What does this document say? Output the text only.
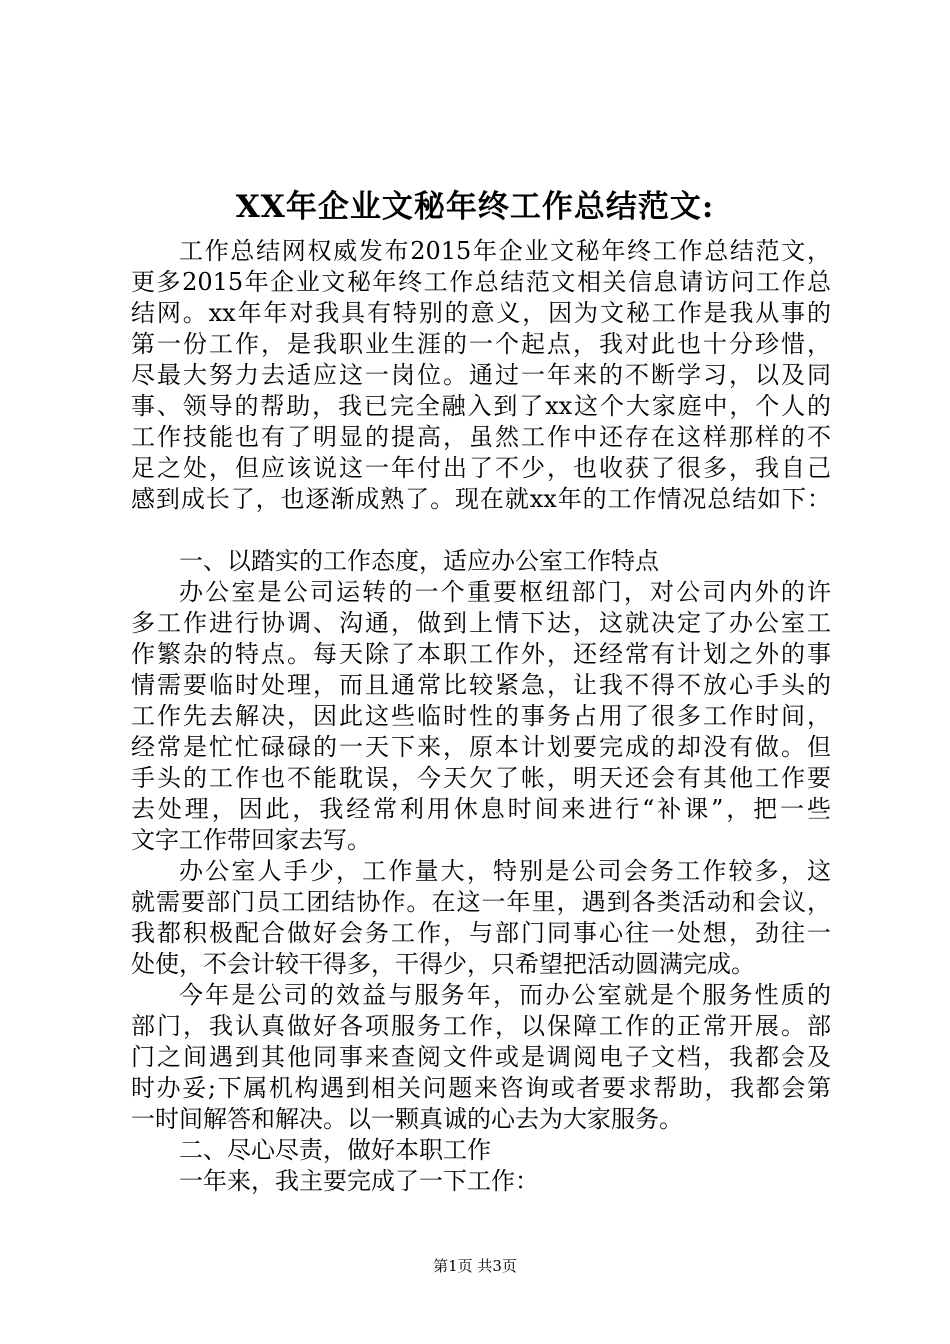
XX年企业文秘年终工作总结范文:
工作总结网权威发布2015年企业文秘年终工作总结范文，
更多2015年企业文秘年终工作总结范文相关信息请访问工作总
结网。xx年年对我具有特别的意义，因为文秘工作是我从事的
第一份工作，是我职业生涯的一个起点，我对此也十分珍惜，
尽最大努力去适应这一岗位。通过一年来的不断学习，以及同
事、领导的帮助，我已完全融入到了xx这个大家庭中，个人的
工作技能也有了明显的提高，虽然工作中还存在这样那样的不
足之处，但应该说这一年付出了不少，也收获了很多，我自己
感到成长了，也逐渐成熟了。现在就xx年的工作情况总结如下：
一、以踏实的工作态度，适应办公室工作特点
办公室是公司运转的一个重要枢纽部门，对公司内外的许
多工作进行协调、沟通，做到上情下达，这就决定了办公室工
作繁杂的特点。每天除了本职工作外，还经常有计划之外的事
情需要临时处理，而且通常比较紧急，让我不得不放心手头的
工作先去解决，因此这些临时性的事务占用了很多工作时间，
经常是忙忙碌碌的一天下来，原本计划要完成的却没有做。但
手头的工作也不能耽误，今天欠了帐，明天还会有其他工作要
去处理，因此，我经常利用休息时间来进行“补课”，把一些
文字工作带回家去写。
办公室人手少，工作量大，特别是公司会务工作较多，这
就需要部门员工团结协作。在这一年里，遇到各类活动和会议，
我都积极配合做好会务工作，与部门同事心往一处想，劲往一
处使，不会计较干得多，干得少，只希望把活动圆满完成。
今年是公司的效益与服务年，而办公室就是个服务性质的
部门，我认真做好各项服务工作，以保障工作的正常开展。部
门之间遇到其他同事来查阅文件或是调阅电子文档，我都会及
时办妥;下属机构遇到相关问题来咨询或者要求帮助，我都会第
一时间解答和解决。以一颗真诚的心去为大家服务。
二、尽心尽责，做好本职工作
一年来，我主要完成了一下工作：
第1页 共3页
